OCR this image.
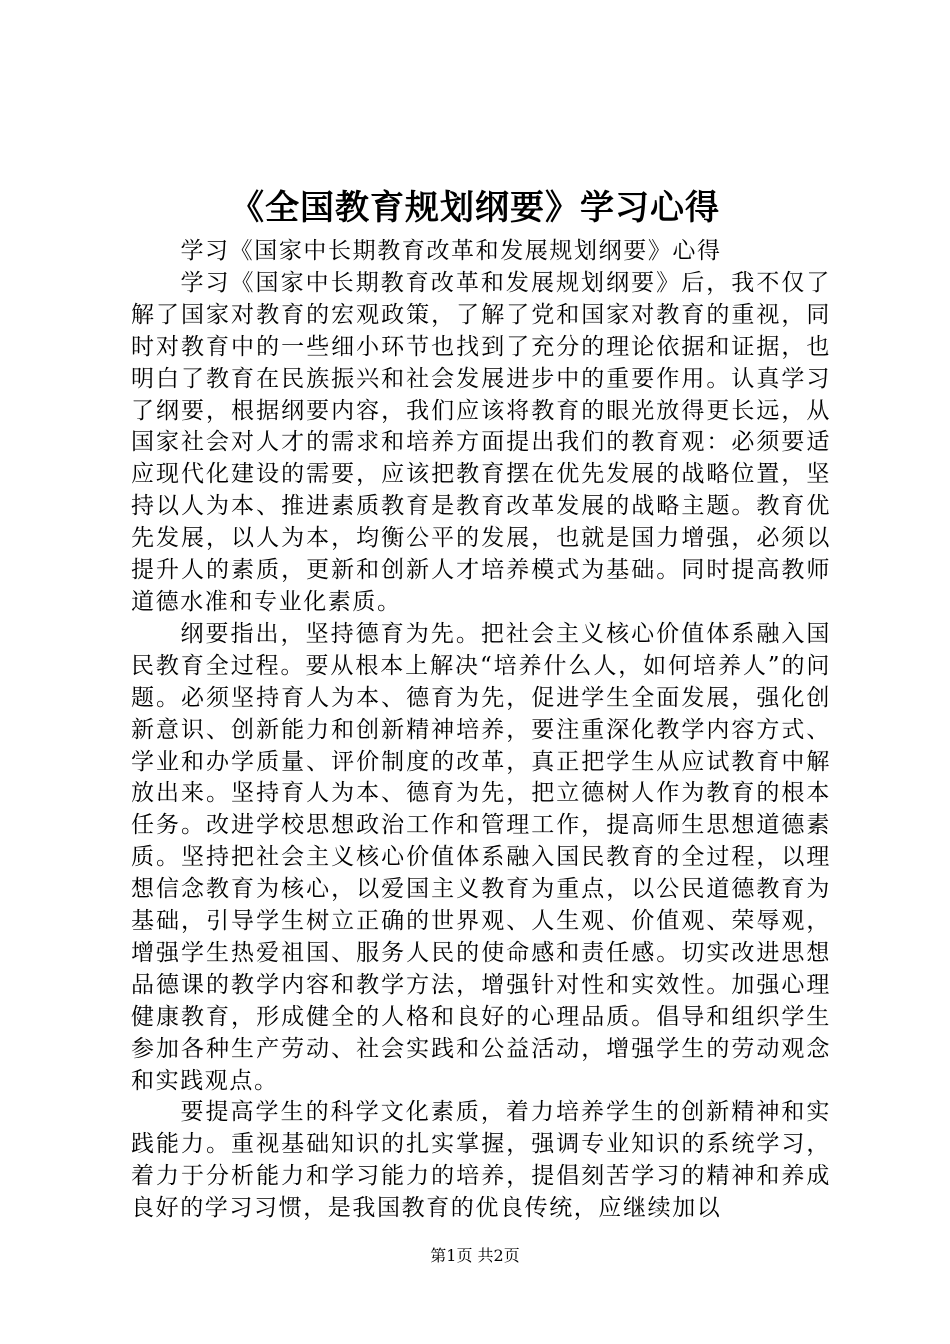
《全国教育规划纲要》学习心得

学习《国家中长期教育改革和发展规划纲要》心得

学习《国家中长期教育改革和发展规划纲要》后，我不仅了解了国家对教育的宏观政策，了解了党和国家对教育的重视，同时对教育中的一些细小环节也找到了充分的理论依据和证据，也明白了教育在民族振兴和社会发展进步中的重要作用。认真学习了纲要，根据纲要内容，我们应该将教育的眼光放得更长远，从国家社会对人才的需求和培养方面提出我们的教育观：必须要适应现代化建设的需要，应该把教育摆在优先发展的战略位置，坚持以人为本、推进素质教育是教育改革发展的战略主题。教育优先发展，以人为本，均衡公平的发展，也就是国力增强，必须以提升人的素质，更新和创新人才培养模式为基础。同时提高教师道德水准和专业化素质。

纲要指出，坚持德育为先。把社会主义核心价值体系融入国民教育全过程。要从根本上解决“培养什么人，如何培养人”的问题。必须坚持育人为本、德育为先，促进学生全面发展，强化创新意识、创新能力和创新精神培养，要注重深化教学内容方式、学业和办学质量、评价制度的改革，真正把学生从应试教育中解放出来。坚持育人为本、德育为先，把立德树人作为教育的根本任务。改进学校思想政治工作和管理工作，提高师生思想道德素质。坚持把社会主义核心价值体系融入国民教育的全过程，以理想信念教育为核心，以爱国主义教育为重点，以公民道德教育为基础，引导学生树立正确的世界观、人生观、价值观、荣辱观，增强学生热爱祖国、服务人民的使命感和责任感。切实改进思想品德课的教学内容和教学方法，增强针对性和实效性。加强心理健康教育，形成健全的人格和良好的心理品质。倡导和组织学生参加各种生产劳动、社会实践和公益活动，增强学生的劳动观念和实践观点。

要提高学生的科学文化素质，着力培养学生的创新精神和实践能力。重视基础知识的扎实掌握，强调专业知识的系统学习，着力于分析能力和学习能力的培养，提倡刻苦学习的精神和养成良好的学习习惯，是我国教育的优良传统，应继续加以

第1页 共2页
